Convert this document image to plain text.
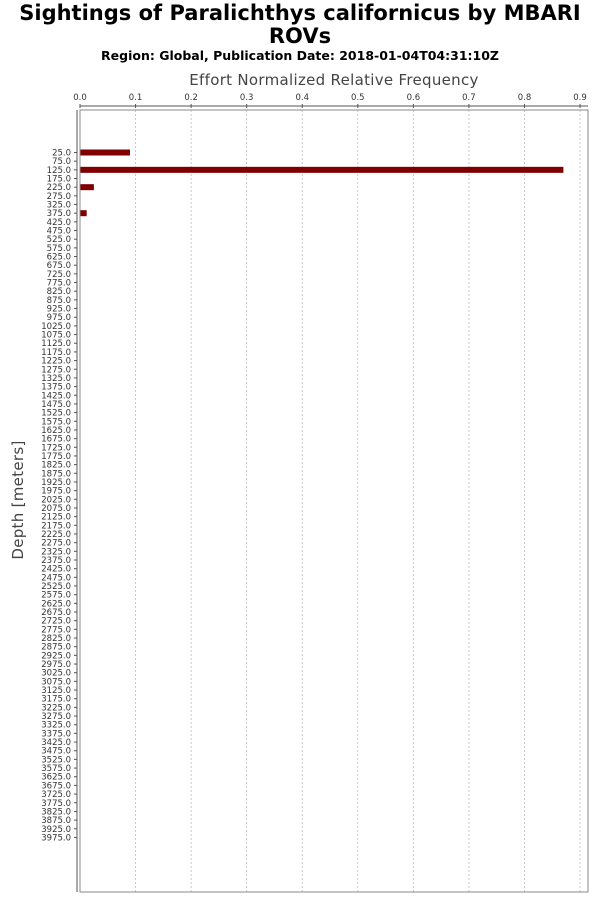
Sightings of Paralichthys californicus by MBARI ROVs
Region: Global, Publication Date: 2018-01-04T04:31:10Z
Effort Normalized Relative Frequency
Depth [meters]
0.0	0.1	0.2	0.3	0.4	0.5	0.6	0.7	0.8	0.9
25.0
75.0
125.0
175.0
225.0
275.0
325.0
375.0
425.0
475.0
525.0
575.0
625.0
675.0
725.0
775.0
825.0
875.0
925.0
975.0
1025.0
1075.0
1125.0
1175.0
1225.0
1275.0
1325.0
1375.0
1425.0
1475.0
1525.0
1575.0
1625.0
1675.0
1725.0
1775.0
1825.0
1875.0
1925.0
1975.0
2025.0
2075.0
2125.0
2175.0
2225.0
2275.0
2325.0
2375.0
2425.0
2475.0
2525.0
2575.0
2625.0
2675.0
2725.0
2775.0
2825.0
2875.0
2925.0
2975.0
3025.0
3075.0
3125.0
3175.0
3225.0
3275.0
3325.0
3375.0
3425.0
3475.0
3525.0
3575.0
3625.0
3675.0
3725.0
3775.0
3825.0
3875.0
3925.0
3975.0
